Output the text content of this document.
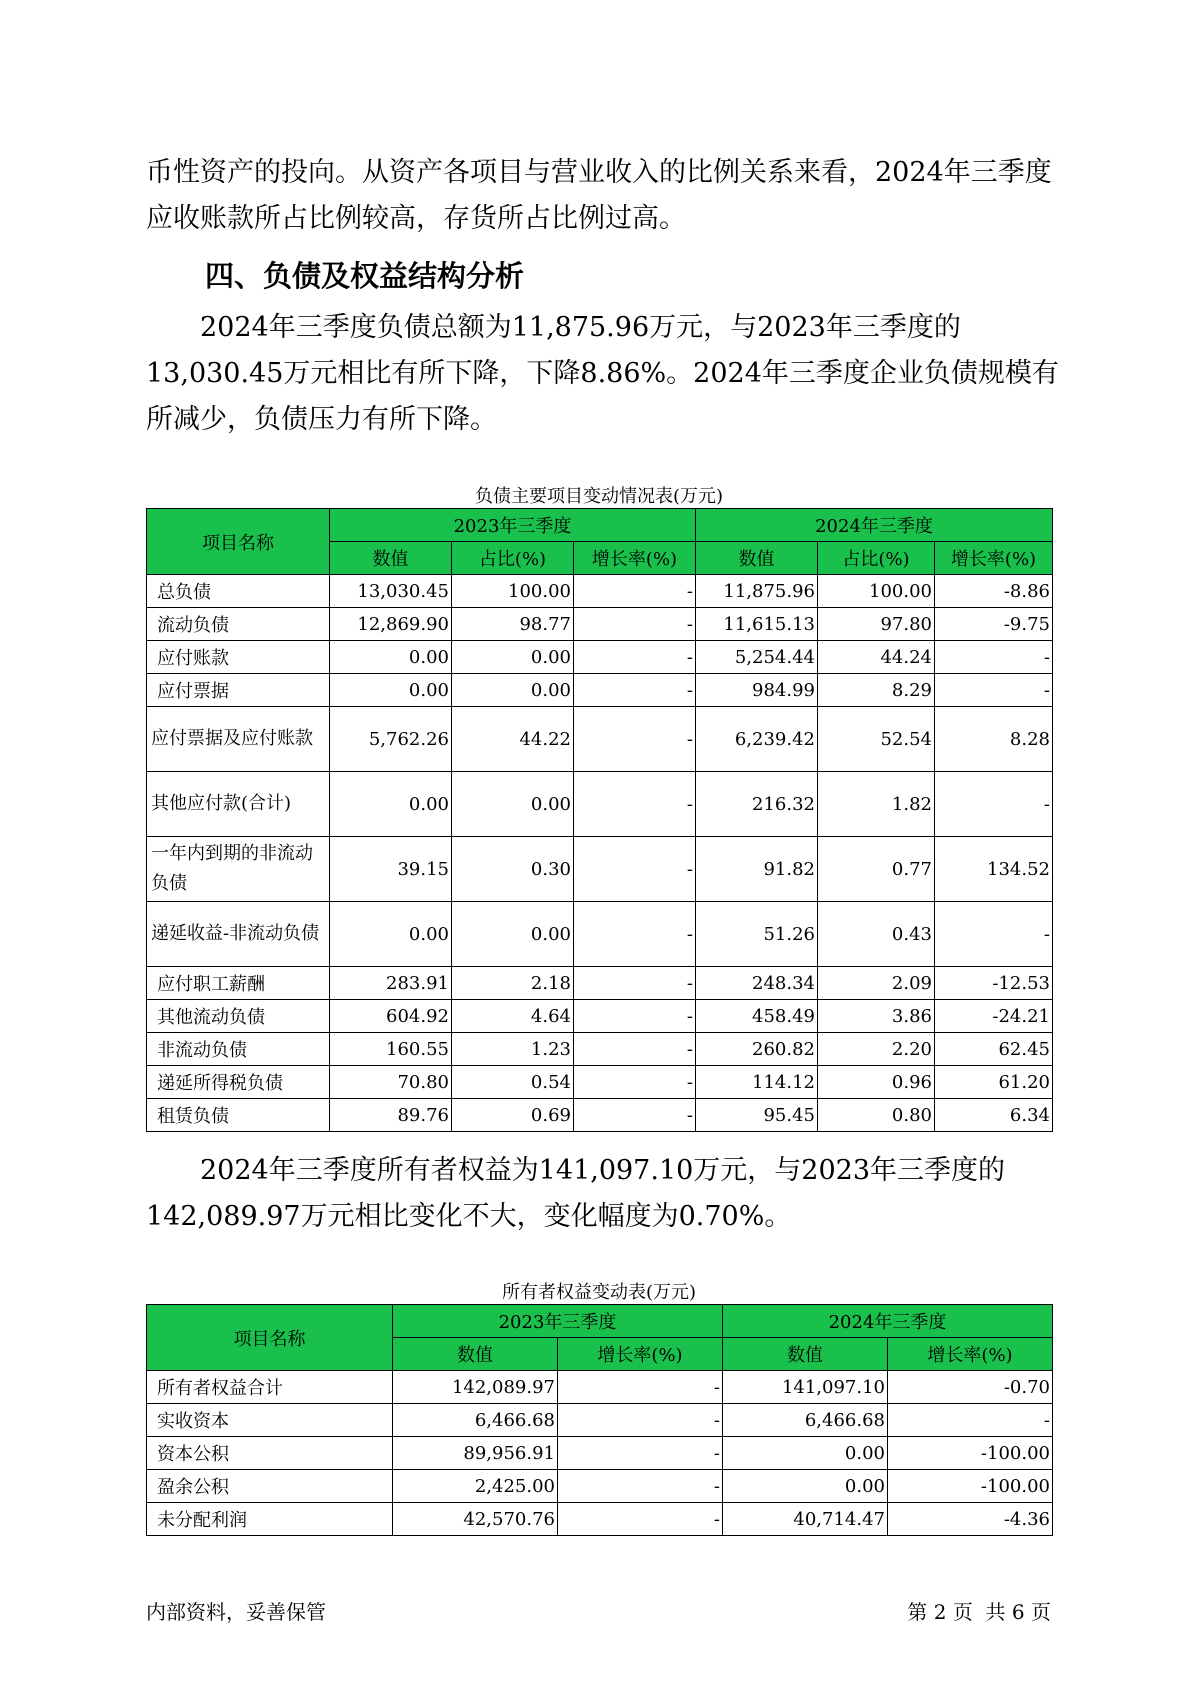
币性资产的投向。从资产各项目与营业收入的比例关系来看，2024年三季度应收账款所占比例较高，存货所占比例过高。

四、负债及权益结构分析

2024年三季度负债总额为11,875.96万元，与2023年三季度的13,030.45万元相比有所下降，下降8.86%。2024年三季度企业负债规模有所减少，负债压力有所下降。

负债主要项目变动情况表(万元)
项目名称	2023年三季度			2024年三季度		
	数值	占比(%)	增长率(%)	数值	占比(%)	增长率(%)
总负债	13,030.45	100.00	-	11,875.96	100.00	-8.86
流动负债	12,869.90	98.77	-	11,615.13	97.80	-9.75
应付账款	0.00	0.00	-	5,254.44	44.24	-
应付票据	0.00	0.00	-	984.99	8.29	-
应付票据及应付账款	5,762.26	44.22	-	6,239.42	52.54	8.28
其他应付款(合计)	0.00	0.00	-	216.32	1.82	-
一年内到期的非流动负债	39.15	0.30	-	91.82	0.77	134.52
递延收益-非流动负债	0.00	0.00	-	51.26	0.43	-
应付职工薪酬	283.91	2.18	-	248.34	2.09	-12.53
其他流动负债	604.92	4.64	-	458.49	3.86	-24.21
非流动负债	160.55	1.23	-	260.82	2.20	62.45
递延所得税负债	70.80	0.54	-	114.12	0.96	61.20
租赁负债	89.76	0.69	-	95.45	0.80	6.34

2024年三季度所有者权益为141,097.10万元，与2023年三季度的142,089.97万元相比变化不大，变化幅度为0.70%。

所有者权益变动表(万元)
项目名称	2023年三季度		2024年三季度	
	数值	增长率(%)	数值	增长率(%)
所有者权益合计	142,089.97	-	141,097.10	-0.70
实收资本	6,466.68	-	6,466.68	-
资本公积	89,956.91	-	0.00	-100.00
盈余公积	2,425.00	-	0.00	-100.00
未分配利润	42,570.76	-	40,714.47	-4.36
内部资料，妥善保管	第 2 页  共 6 页
